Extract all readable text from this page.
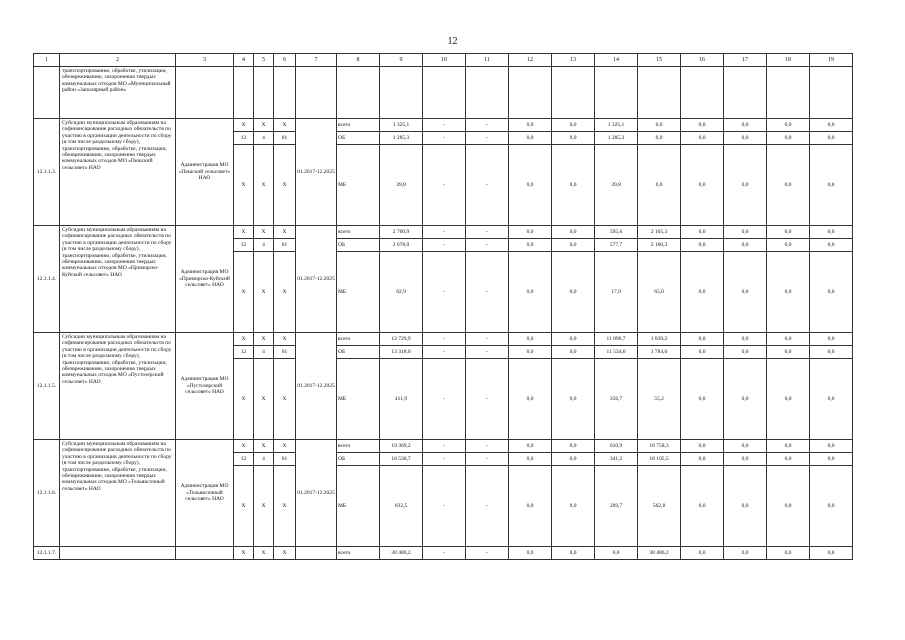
12
1	2	3	4	5	6	7	8	9	10	11	12	13	14	15	16	17	18	19
	транспортированию, обработке, утилизации, обезвреживанию, захоронению твердых коммунальных отходов МО «Муниципальный район «Заполярный район»																	
12.1.1.3.	Субсидии муниципальным образованиям на софинансирование расходных обязательств по участию в организации деятельности по сбору (в том числе раздельному сбору), транспортированию, обработке, утилизации, обезвреживанию, захоронению твердых коммунальных отходов МО «Пешский сельсовет» НАО	Администрация МО «Пешский сельсовет» НАО	Х	Х	Х	01.2017-12.2025	всего	1 325,1	-	-	0,0	0,0	1 325,1	0,0	0,0	0,0	0,0	0,0
			12	4	01		ОБ	1 285,3	-	-	0,0	0,0	1 285,3	0,0	0,0	0,0	0,0	0,0
			Х	Х	Х		МБ	39,8	-	-	0,0	0,0	39,8	0,0	0,0	0,0	0,0	0,0
12.1.1.4.	Субсидии муниципальным образованиям на софинансирование расходных обязательств по участию в организации деятельности по сбору (в том числе раздельному сбору), транспортированию, обработке, утилизации, обезвреживанию, захоронению твердых коммунальных отходов МО «Приморско-Куйский сельсовет» НАО	Администрация МО «Приморско-Куйский сельсовет» НАО	Х	Х	Х	01.2017-12.2025	всего	2 760,9	-	-	0,0	0,0	595,6	2 165,3	0,0	0,0	0,0	0,0
			12	4	01		ОБ	2 678,0	-	-	0,0	0,0	577,7	2 100,3	0,0	0,0	0,0	0,0
			Х	Х	Х		МБ	82,9	-	-	0,0	0,0	17,9	65,0	0,0	0,0	0,0	0,0
12.1.1.5.	Субсидии муниципальным образованиям на софинансирование расходных обязательств по участию в организации деятельности по сбору (в том числе раздельному сбору), транспортированию, обработке, утилизации, обезвреживанию, захоронению твердых коммунальных отходов МО «Пустозерский сельсовет» НАО	Администрация МО «Пустозерский сельсовет» НАО	Х	Х	Х	01.2017-12.2025	всего	13 729,9	-	-	0,0	0,0	11 890,7	1 839,2	0,0	0,0	0,0	0,0
			12	4	01		ОБ	13 318,0	-	-	0,0	0,0	11 534,0	1 784,0	0,0	0,0	0,0	0,0
			Х	Х	Х		МБ	411,9	-	-	0,0	0,0	356,7	55,2	0,0	0,0	0,0	0,0
12.1.1.6.	Субсидии муниципальным образованиям на софинансирование расходных обязательств по участию в организации деятельности по сбору (в том числе раздельному сбору), транспортированию, обработке, утилизации, обезвреживанию, захоронению твердых коммунальных отходов МО «Тельвисочный сельсовет» НАО	Администрация МО «Тельвисочный сельсовет» НАО	Х	Х	Х	01.2017-12.2025	всего	19 369,2	-	-	0,0	0,0	610,9	18 758,3	0,0	0,0	0,0	0,0
			12	4	01		ОБ	18 536,7	-	-	0,0	0,0	341,2	18 195,5	0,0	0,0	0,0	0,0
			Х	Х	Х		МБ	832,5	-	-	0,0	0,0	269,7	562,8	0,0	0,0	0,0	0,0
12.1.1.7.			Х	Х	Х		всего	38 486,2	-	-	0,0	0,0	0,0	38 486,2	0,0	0,0	0,0	0,0
